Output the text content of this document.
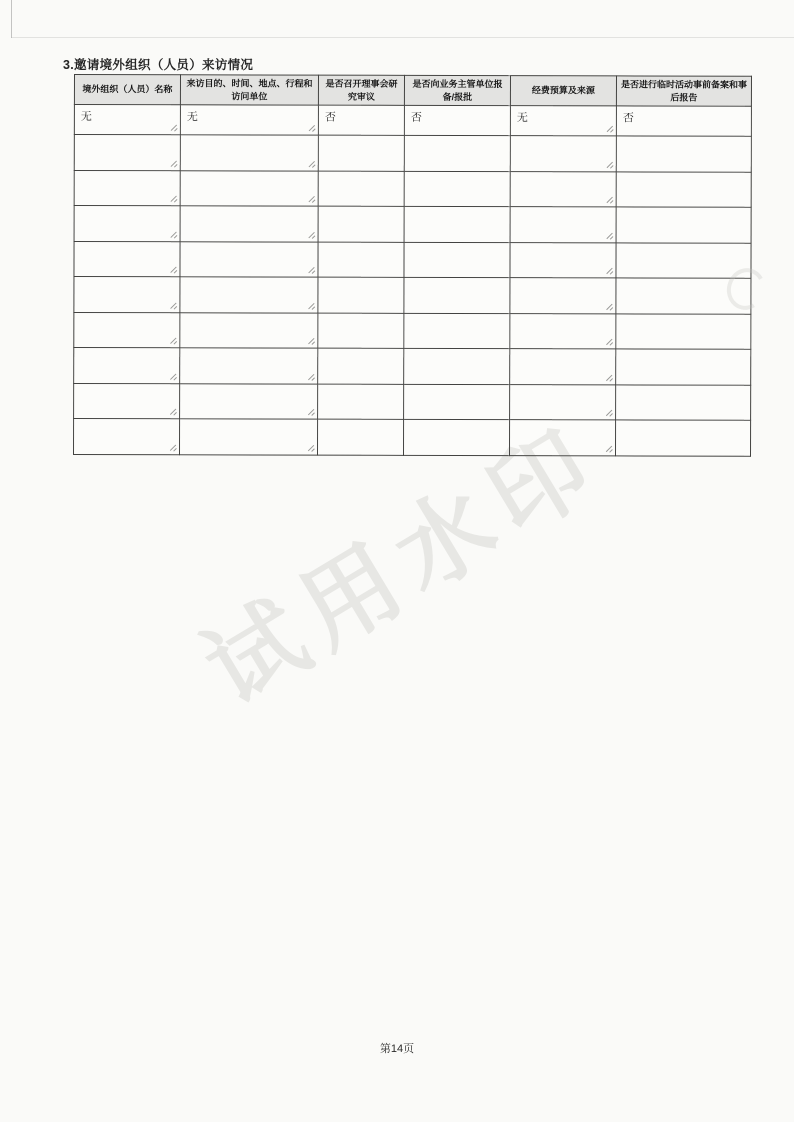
3.邀请境外组织（人员）来访情况
境外组织（人员）名称	来访目的、时间、地点、行程和访问单位	是否召开理事会研究审议	是否向业务主管单位报备/报批	经费预算及来源	是否进行临时活动事前备案和事后报告
无	无	否	否	无	否

试用水印
第14页
